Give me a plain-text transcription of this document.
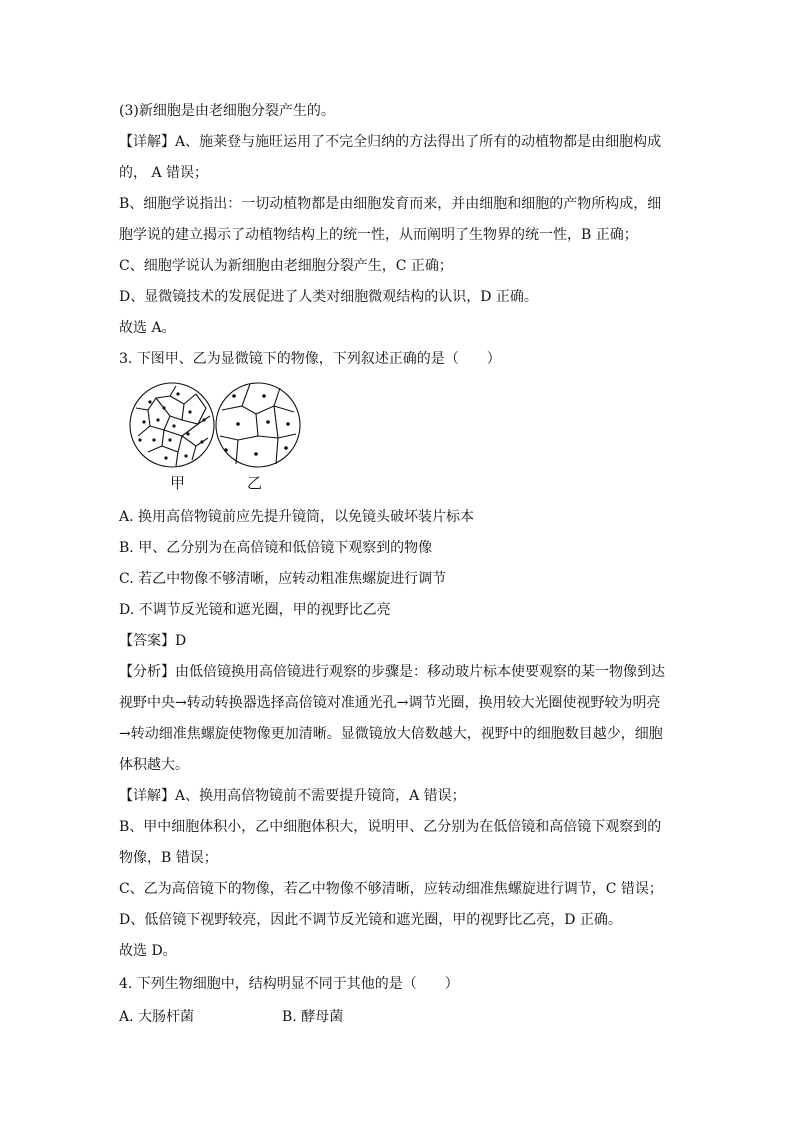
(3)新细胞是由老细胞分裂产生的。
【详解】A、施莱登与施旺运用了不完全归纳的方法得出了所有的动植物都是由细胞构成
的， A 错误；
B、细胞学说指出：一切动植物都是由细胞发育而来，并由细胞和细胞的产物所构成，细
胞学说的建立揭示了动植物结构上的统一性，从而阐明了生物界的统一性，B 正确；
C、细胞学说认为新细胞由老细胞分裂产生，C 正确；
D、显微镜技术的发展促进了人类对细胞微观结构的认识，D 正确。
故选 A。
3. 下图甲、乙为显微镜下的物像，下列叙述正确的是（　　）
甲	乙
A. 换用高倍物镜前应先提升镜筒，以免镜头破坏装片标本
B. 甲、乙分别为在高倍镜和低倍镜下观察到的物像
C. 若乙中物像不够清晰，应转动粗准焦螺旋进行调节
D. 不调节反光镜和遮光圈，甲的视野比乙亮
【答案】D
【分析】由低倍镜换用高倍镜进行观察的步骤是：移动玻片标本使要观察的某一物像到达
视野中央→转动转换器选择高倍镜对准通光孔→调节光圈，换用较大光圈使视野较为明亮
→转动细准焦螺旋使物像更加清晰。显微镜放大倍数越大，视野中的细胞数目越少，细胞
体积越大。
【详解】A、换用高倍物镜前不需要提升镜筒，A 错误；
B、甲中细胞体积小，乙中细胞体积大，说明甲、乙分别为在低倍镜和高倍镜下观察到的
物像，B 错误；
C、乙为高倍镜下的物像，若乙中物像不够清晰，应转动细准焦螺旋进行调节，C 错误；
D、低倍镜下视野较亮，因此不调节反光镜和遮光圈，甲的视野比乙亮，D 正确。
故选 D。
4. 下列生物细胞中，结构明显不同于其他的是（　　）
A. 大肠杆菌	B. 酵母菌
